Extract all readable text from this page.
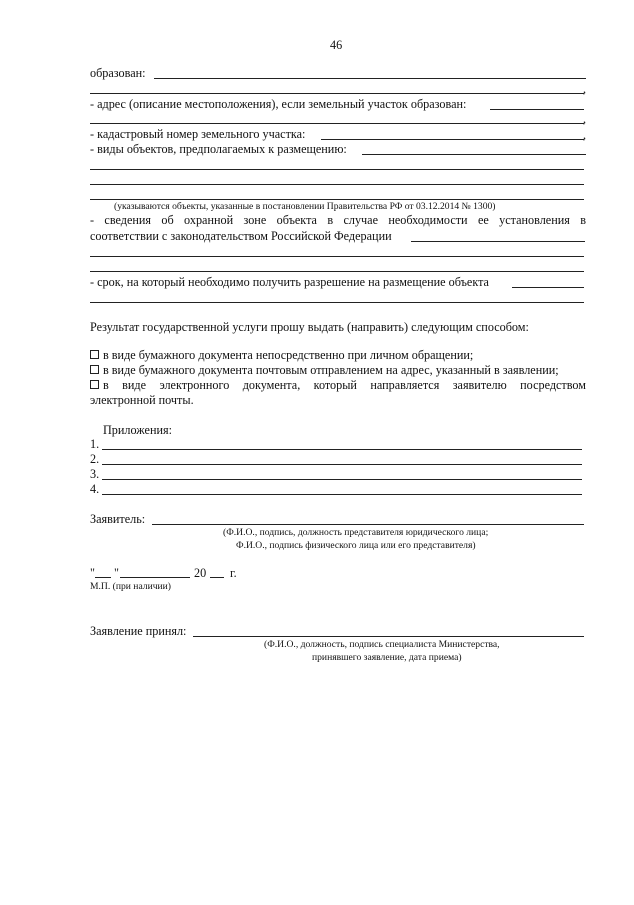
46
образован:
,
- адрес (описание местоположения), если земельный участок образован:
,
- кадастровый номер земельного участка:	,
- виды объектов, предполагаемых к размещению:
(указываются объекты, указанные в постановлении Правительства РФ от 03.12.2014 № 1300)
- сведения об охранной зоне объекта в случае необходимости ее установления в
соответствии с законодательством Российской Федерации
- срок, на который необходимо получить разрешение на размещение объекта
Результат государственной услуги прошу выдать (направить) следующим способом:
в виде бумажного документа непосредственно при личном обращении;
в виде бумажного документа почтовым отправлением на адрес, указанный в заявлении;
в виде электронного документа, который направляется заявителю посредством
электронной почты.
Приложения:
1.
2.
3.
4.
Заявитель:
(Ф.И.О., подпись, должность представителя юридического лица;
Ф.И.О., подпись физического лица или его представителя)
" "	20 г.
М.П. (при наличии)
Заявление принял:
(Ф.И.О., должность, подпись специалиста Министерства,
принявшего заявление, дата приема)
